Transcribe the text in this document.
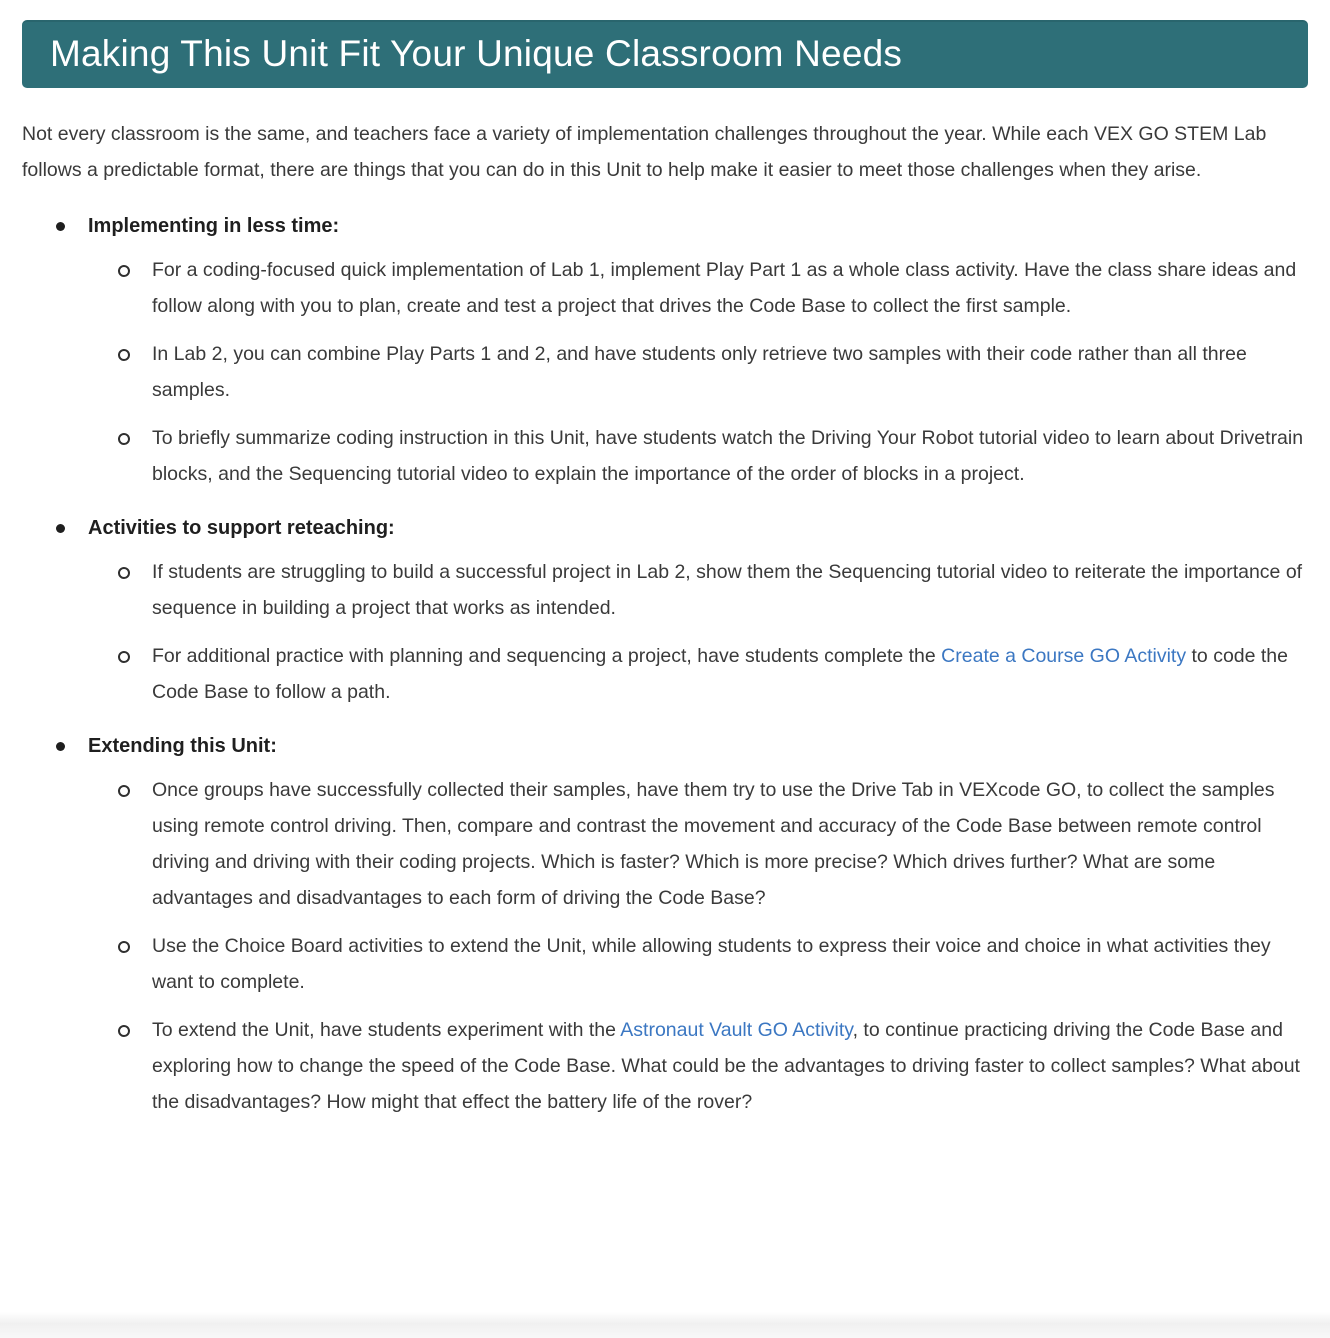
Making This Unit Fit Your Unique Classroom Needs

Not every classroom is the same, and teachers face a variety of implementation challenges throughout the year. While each VEX GO STEM Lab follows a predictable format, there are things that you can do in this Unit to help make it easier to meet those challenges when they arise.

Implementing in less time:
For a coding-focused quick implementation of Lab 1, implement Play Part 1 as a whole class activity. Have the class share ideas and follow along with you to plan, create and test a project that drives the Code Base to collect the first sample.
In Lab 2, you can combine Play Parts 1 and 2, and have students only retrieve two samples with their code rather than all three samples.
To briefly summarize coding instruction in this Unit, have students watch the Driving Your Robot tutorial video to learn about Drivetrain blocks, and the Sequencing tutorial video to explain the importance of the order of blocks in a project.
Activities to support reteaching:
If students are struggling to build a successful project in Lab 2, show them the Sequencing tutorial video to reiterate the importance of sequence in building a project that works as intended.
For additional practice with planning and sequencing a project, have students complete the Create a Course GO Activity to code the Code Base to follow a path.
Extending this Unit:
Once groups have successfully collected their samples, have them try to use the Drive Tab in VEXcode GO, to collect the samples using remote control driving. Then, compare and contrast the movement and accuracy of the Code Base between remote control driving and driving with their coding projects. Which is faster? Which is more precise? Which drives further? What are some advantages and disadvantages to each form of driving the Code Base?
Use the Choice Board activities to extend the Unit, while allowing students to express their voice and choice in what activities they want to complete.
To extend the Unit, have students experiment with the Astronaut Vault GO Activity, to continue practicing driving the Code Base and exploring how to change the speed of the Code Base. What could be the advantages to driving faster to collect samples? What about the disadvantages? How might that effect the battery life of the rover?
